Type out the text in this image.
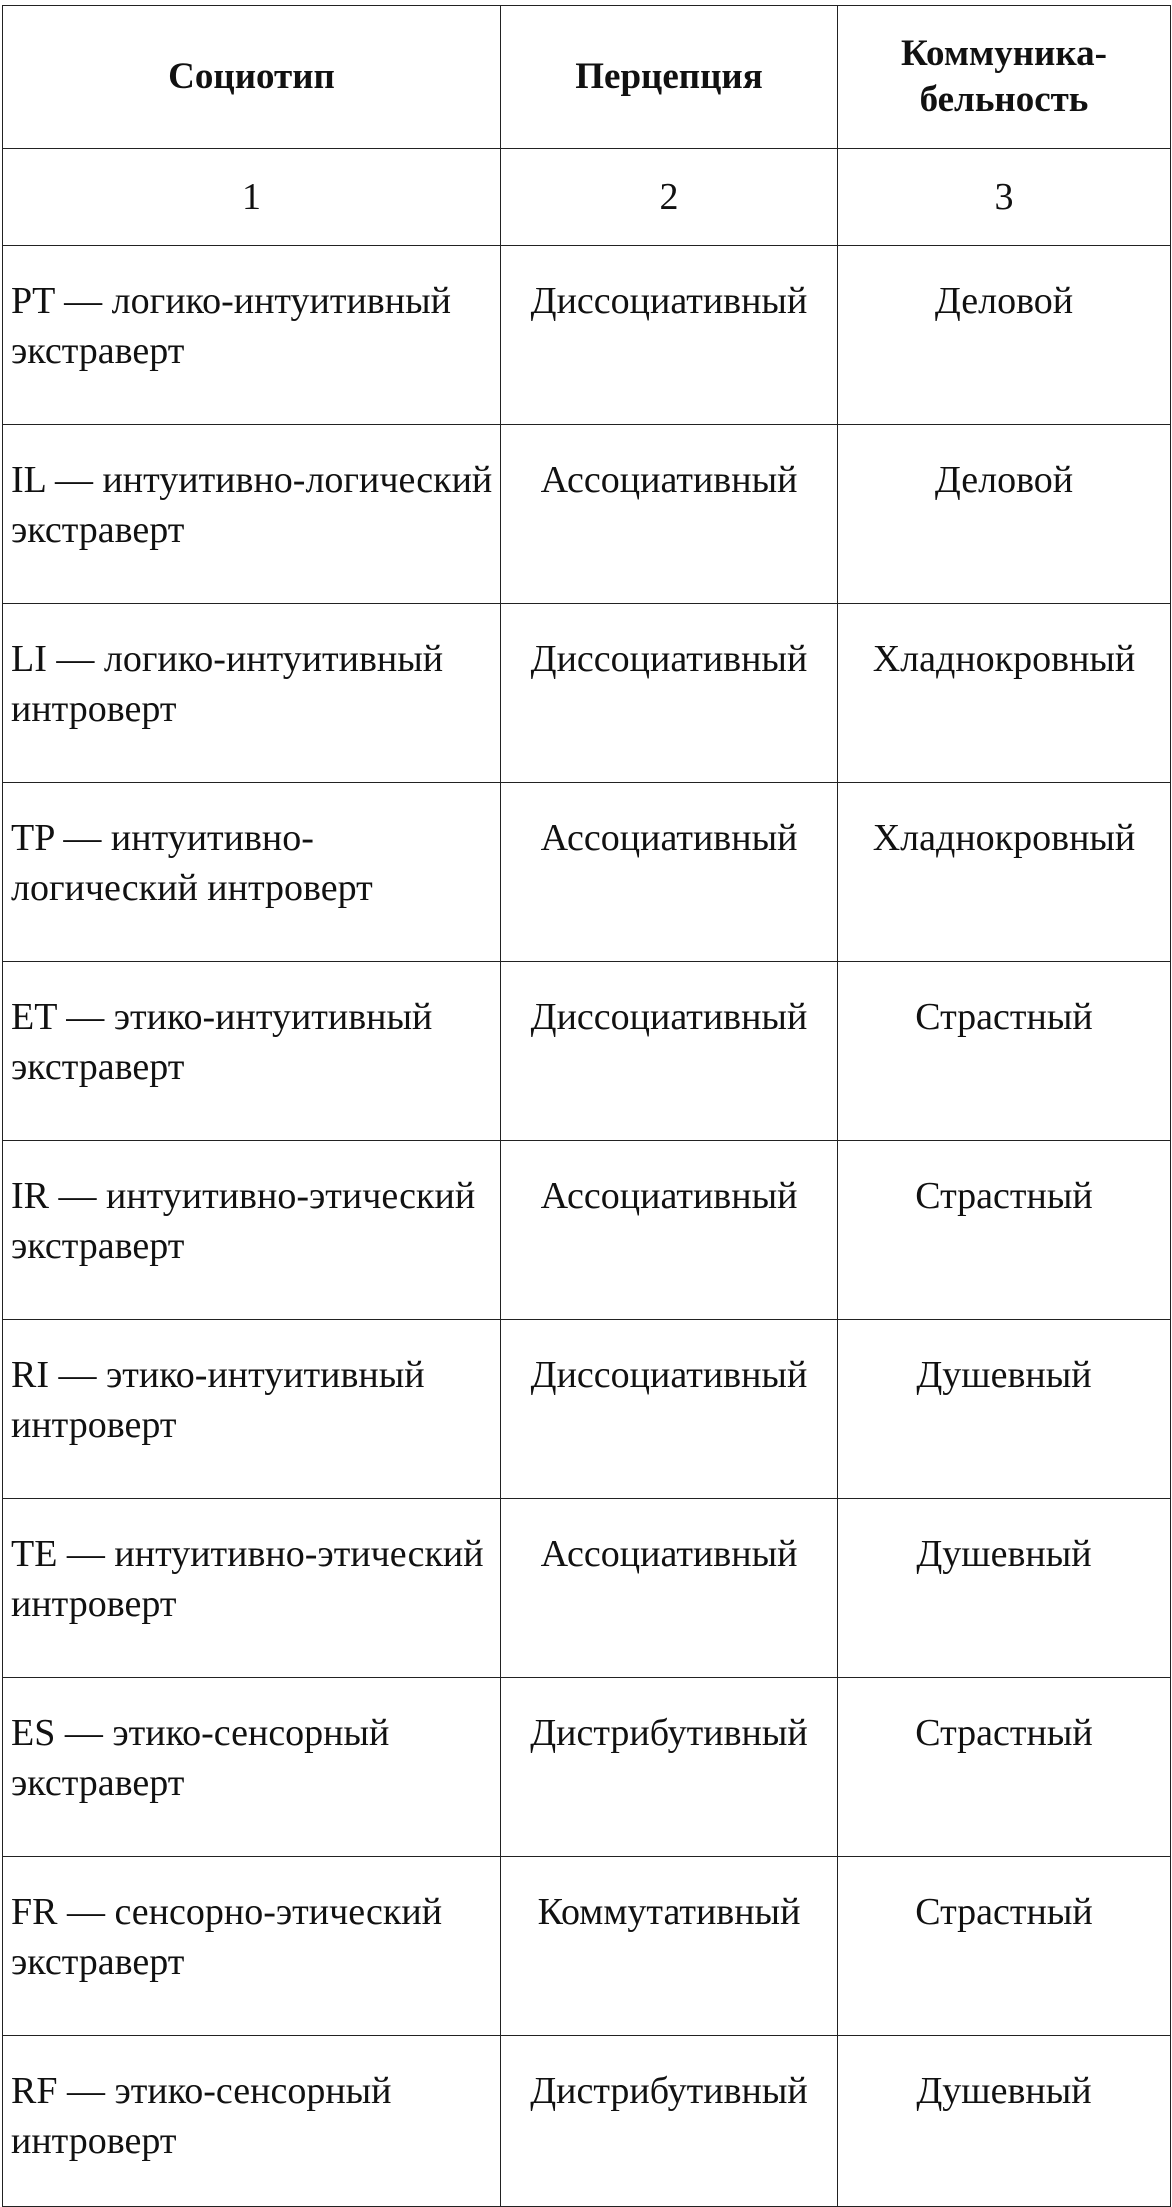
Социотип	Перцепция	Коммуника-
бельность

1	2	3
PT — логико-интуитивный экстраверт	Диссоциативный	Деловой
IL — интуитивно-логический экстраверт	Ассоциативный	Деловой
LI — логико-интуитивный интроверт	Диссоциативный	Хладнокровный
TP — интуитивно-логический интроверт	Ассоциативный	Хладнокровный
ET — этико-интуитивный экстраверт	Диссоциативный	Страстный
IR — интуитивно-этический экстраверт	Ассоциативный	Страстный
RI — этико-интуитивный интроверт	Диссоциативный	Душевный
TE — интуитивно-этический интроверт	Ассоциативный	Душевный
ES — этико-сенсорный экстраверт	Дистрибутивный	Страстный
FR — сенсорно-этический экстраверт	Коммутативный	Страстный
RF — этико-сенсорный интроверт	Дистрибутивный	Душевный
